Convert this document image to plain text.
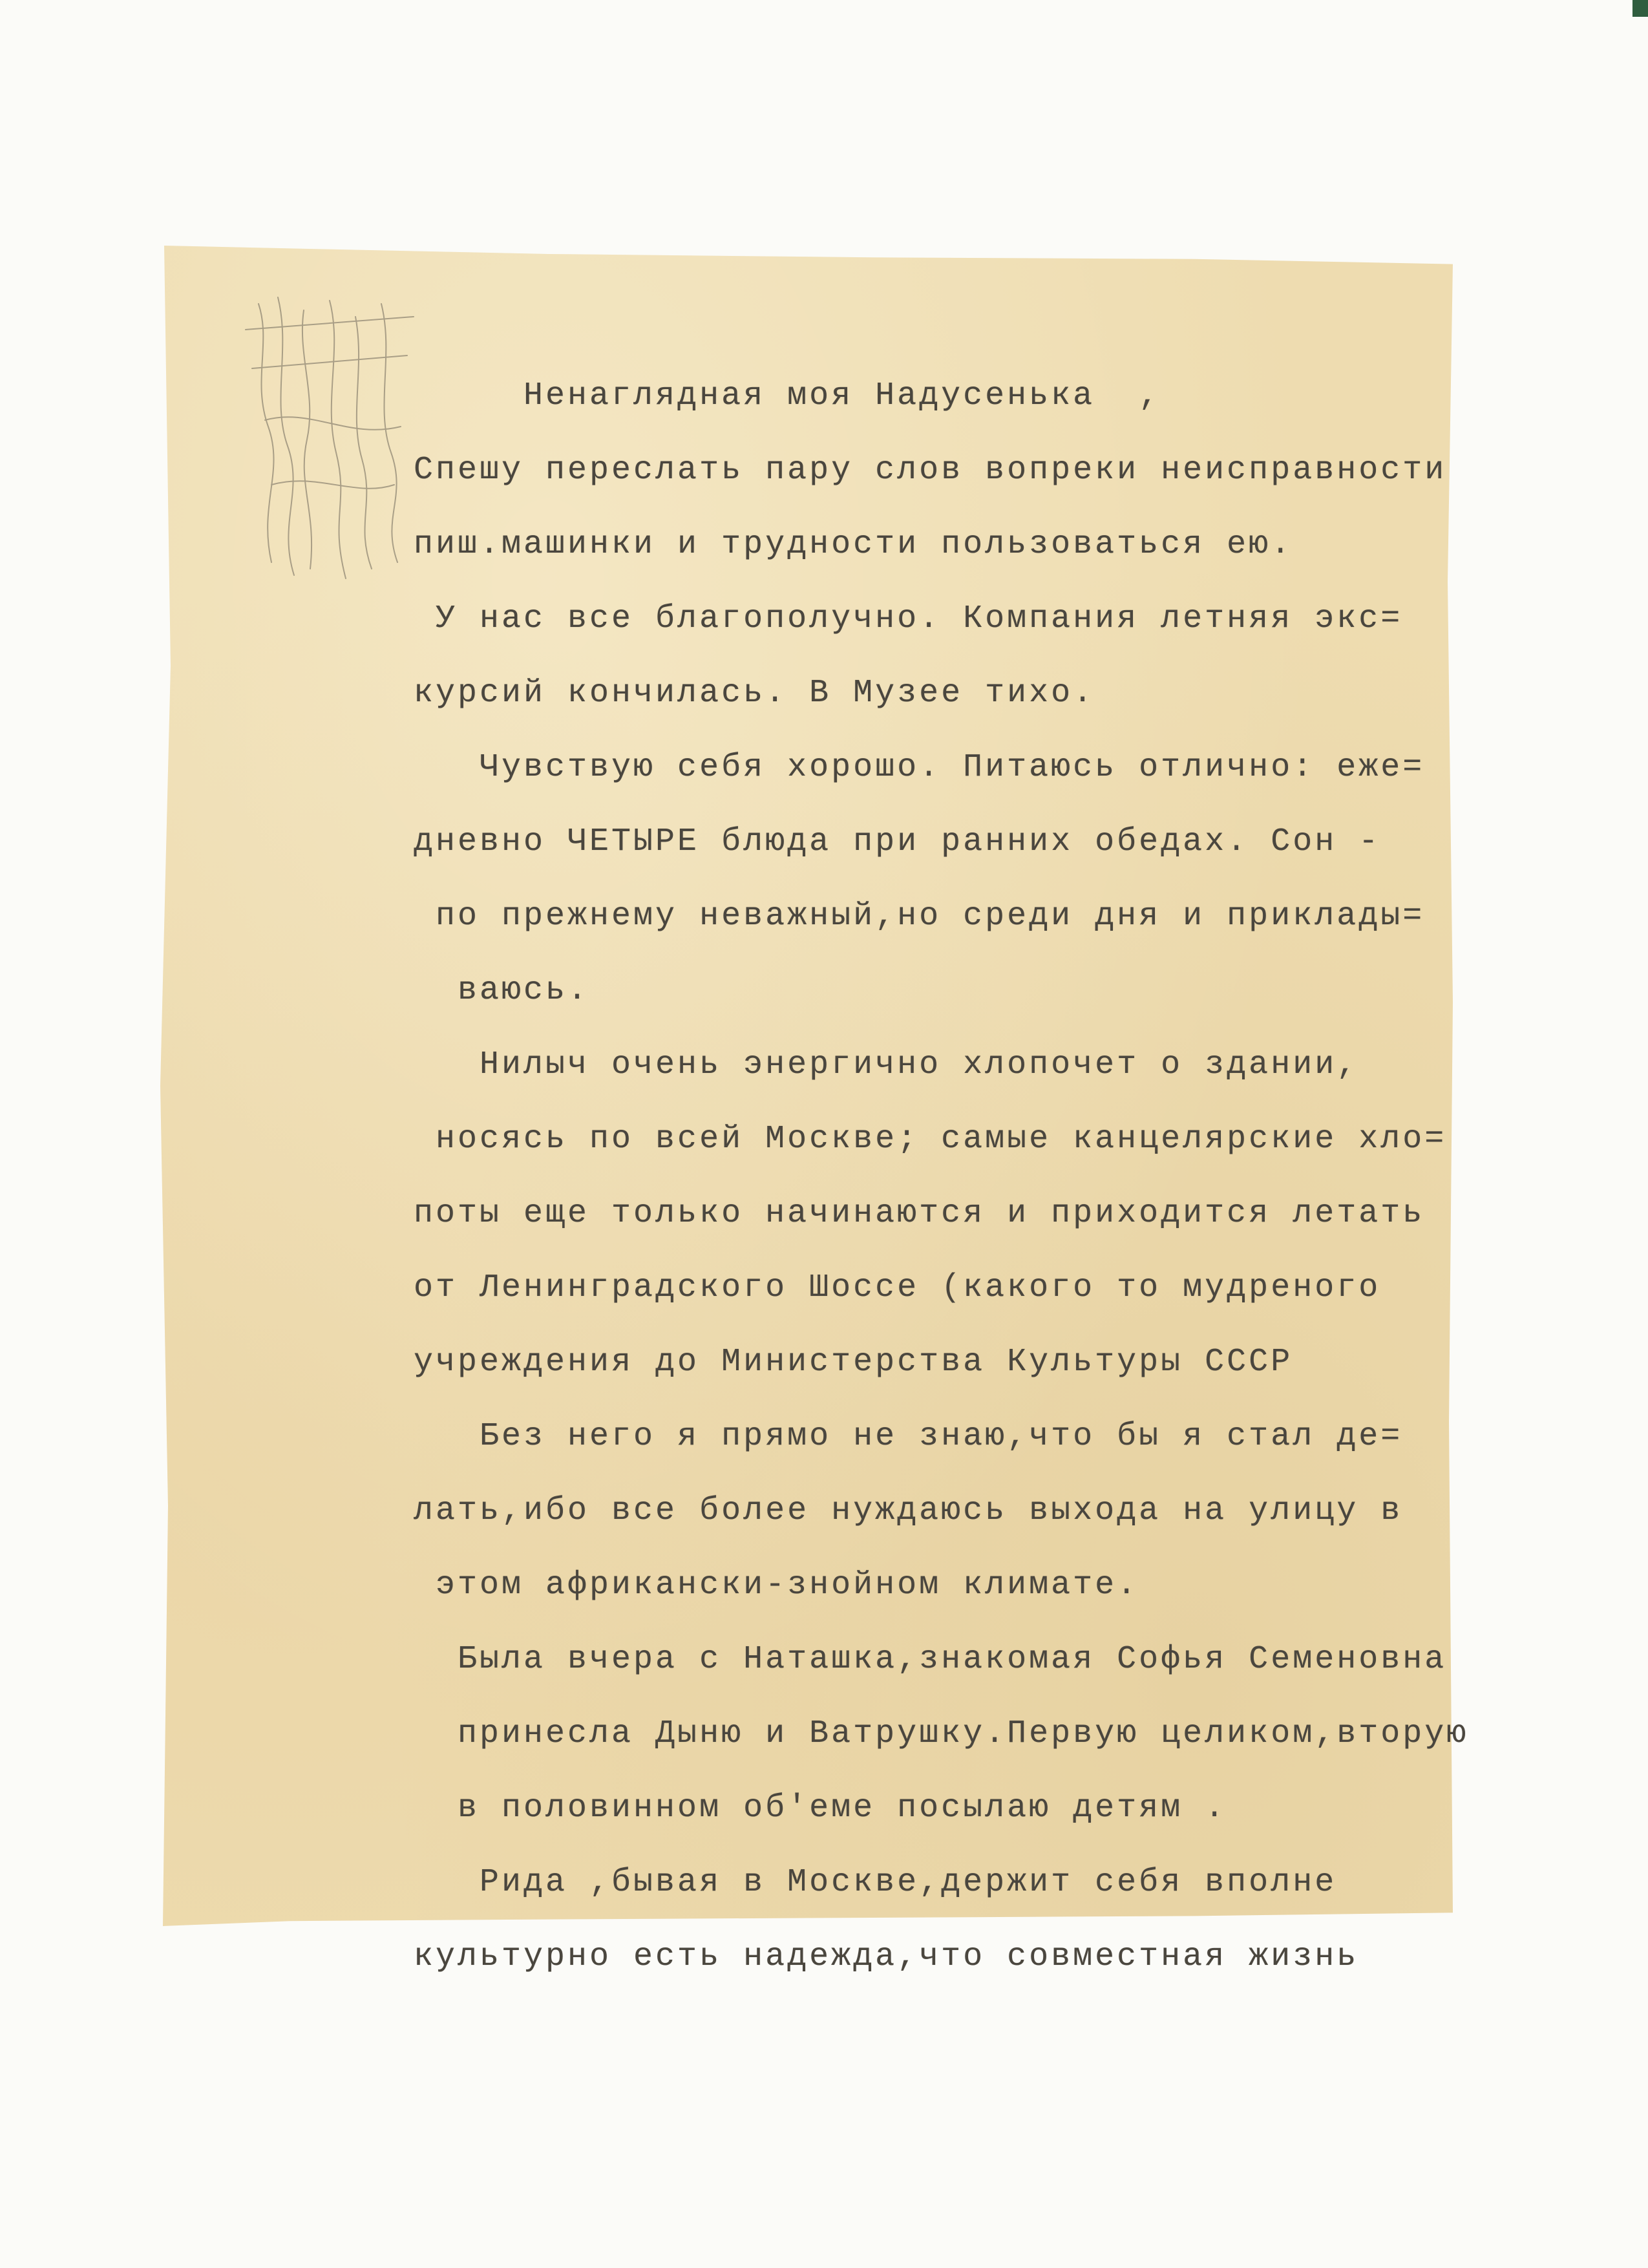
Ненаглядная моя Надусенька  ,
Спешу переслать пару слов вопреки неисправности
пиш.машинки и трудности пользоваться ею.
У нас все благополучно. Компания летняя экс=
курсий кончилась. В Музее тихо.
Чувствую себя хорошо. Питаюсь отлично: еже=
дневно ЧЕТЫРЕ блюда при ранних обедах. Сон -
по прежнему неважный,но среди дня и приклады=
ваюсь.
Нилыч очень энергично хлопочет о здании,
носясь по всей Москве; самые канцелярские хло=
поты еще только начинаются и приходится летать
от Ленинградского Шоссе (какого то мудреного
учреждения до Министерства Культуры СССР
Без него я прямо не знаю,что бы я стал де=
лать,ибо все более нуждаюсь выхода на улицу в
этом африкански-знойном климате.
Была вчера с Наташка,знакомая Софья Семеновна
принесла Дыню и Ватрушку.Первую целиком,вторую
в половинном об'еме посылаю детям .
Рида ,бывая в Москве,держит себя вполне
культурно есть надежда,что совместная жизнь
